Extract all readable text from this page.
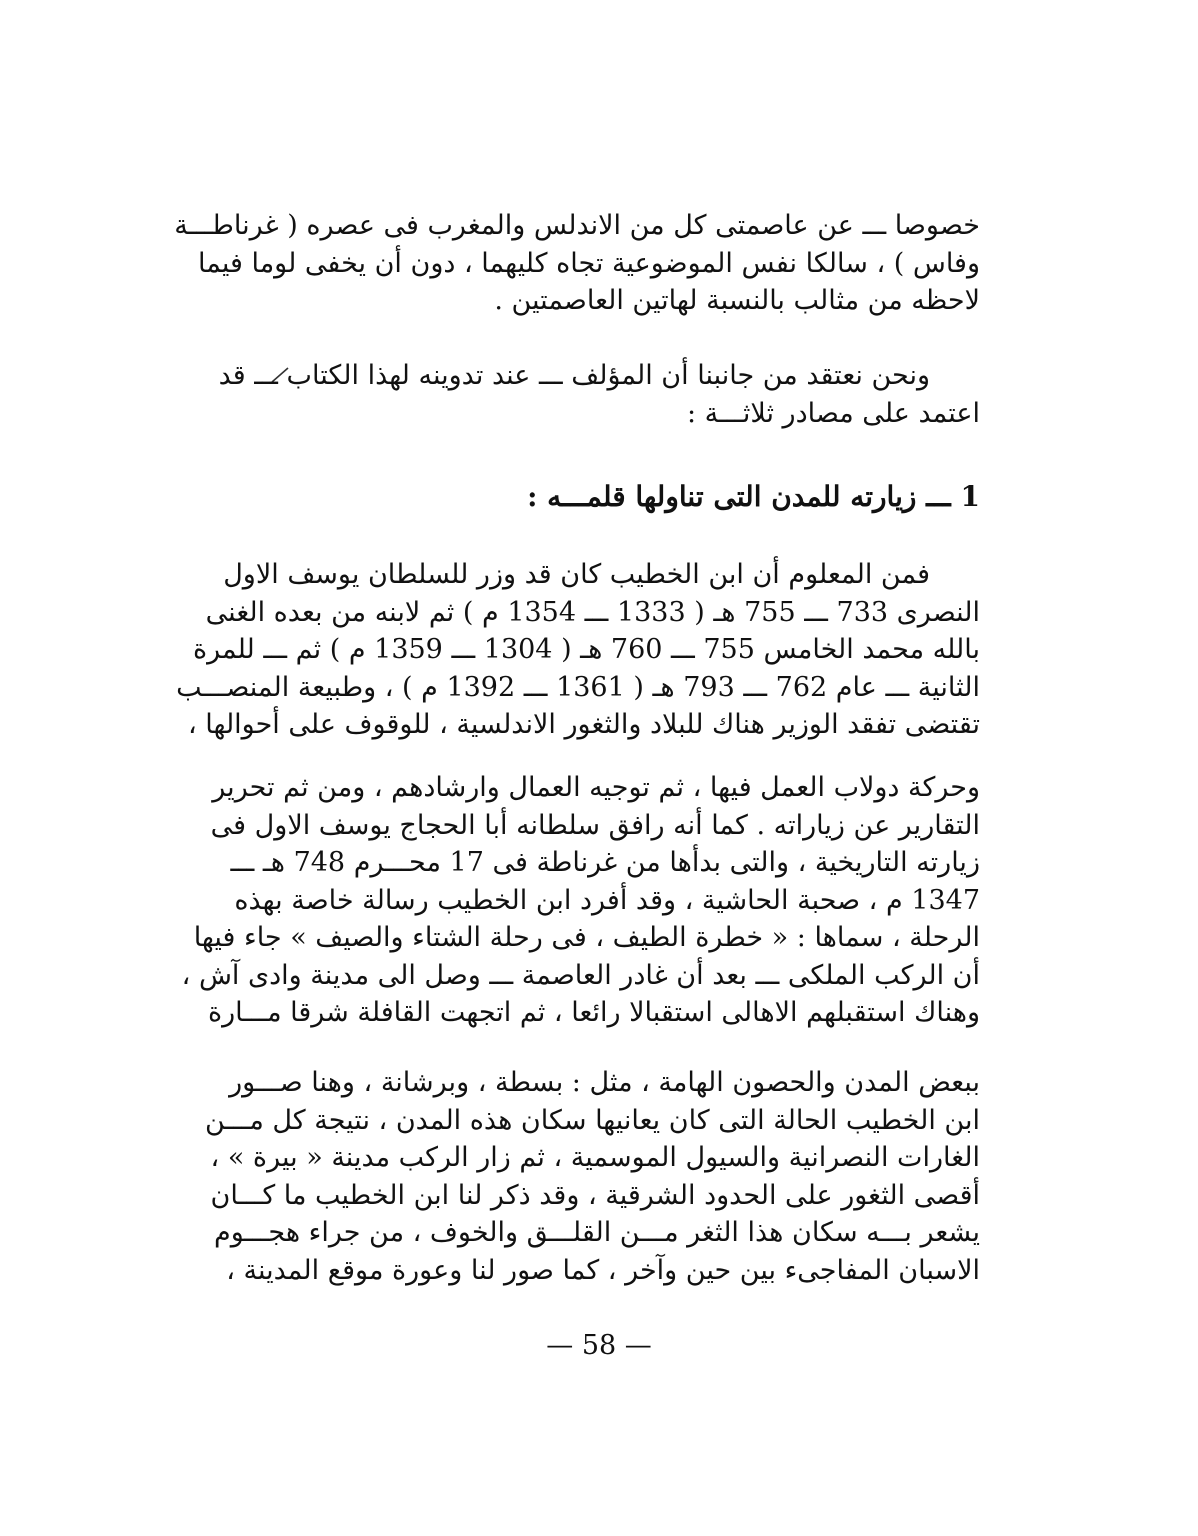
خصوصا ـــ عن عاصمتى كل من الاندلس والمغرب فى عصره ( غرناطـــة
وفاس ) ، سالكا نفس الموضوعية تجاه كليهما ، دون أن يخفى لوما فيما
لاحظه من مثالب بالنسبة لهاتين العاصمتين .
ونحن نعتقد من جانبنا أن المؤلف ـــ عند تدوينه لهذا الكتاب ـــ قد
اعتمد على مصادر ثلاثـــة :
1 ـــ زيارته للمدن التى تناولها قلمـــه :
فمن المعلوم أن ابن الخطيب كان قد وزر للسلطان يوسف الاول
النصرى 733 ـــ 755 هـ ( 1333 ـــ 1354 م ) ثم لابنه من بعده الغنى
بالله محمد الخامس 755 ـــ 760 هـ ( 1304 ـــ 1359 م ) ثم ـــ للمرة
الثانية ـــ عام 762 ـــ 793 هـ ( 1361 ـــ 1392 م ) ، وطبيعة المنصـــب
تقتضى تفقد الوزير هناك للبلاد والثغور الاندلسية ، للوقوف على أحوالها ،
وحركة دولاب العمل فيها ، ثم توجيه العمال وارشادهم ، ومن ثم تحرير
التقارير عن زياراته . كما أنه رافق سلطانه أبا الحجاج يوسف الاول فى
زيارته التاريخية ، والتى بدأها من غرناطة فى 17 محـــرم 748 هـ ـــ
1347 م ، صحبة الحاشية ، وقد أفرد ابن الخطيب رسالة خاصة بهذه
الرحلة ، سماها : « خطرة الطيف ، فى رحلة الشتاء والصيف » جاء فيها
أن الركب الملكى ـــ بعد أن غادر العاصمة ـــ وصل الى مدينة وادى آش ،
وهناك استقبلهم الاهالى استقبالا رائعا ، ثم اتجهت القافلة شرقا مـــارة
ببعض المدن والحصون الهامة ، مثل : بسطة ، وبرشانة ، وهنا صـــور
ابن الخطيب الحالة التى كان يعانيها سكان هذه المدن ، نتيجة كل مـــن
الغارات النصرانية والسيول الموسمية ، ثم زار الركب مدينة « بيرة » ،
أقصى الثغور على الحدود الشرقية ، وقد ذكر لنا ابن الخطيب ما كـــان
يشعر بـــه سكان هذا الثغر مـــن القلـــق والخوف ، من جراء هجـــوم
الاسبان المفاجىء بين حين وآخر ، كما صور لنا وعورة موقع المدينة ،
— 58 —
